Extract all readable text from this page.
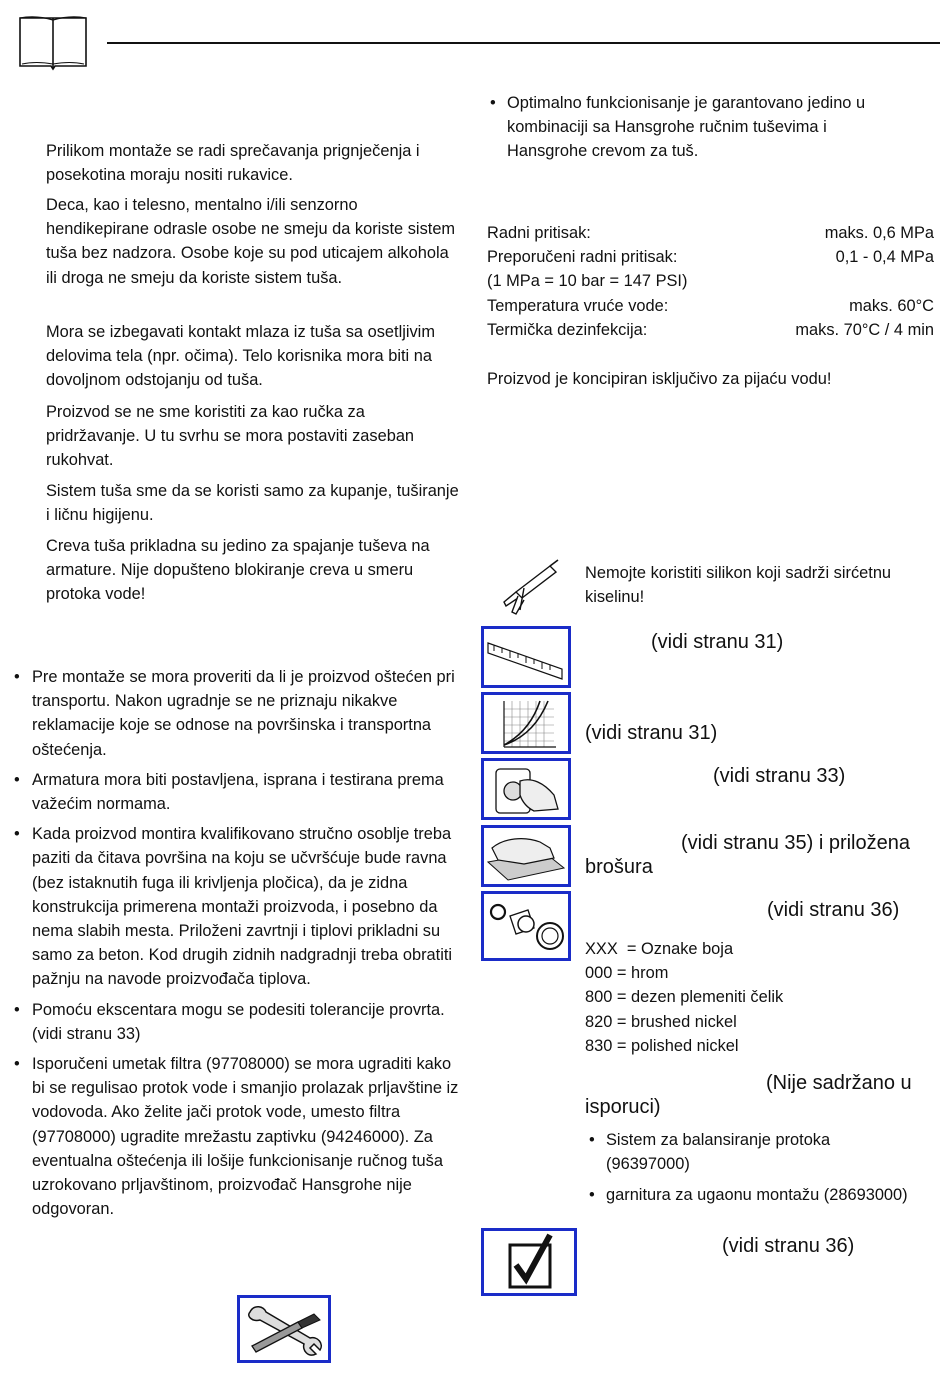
Prilikom montaže se radi sprečavanja prignječenja i posekotina moraju nositi rukavice.
Deca, kao i telesno, mentalno i/ili senzorno hendikepirane odrasle osobe ne smeju da koriste sistem tuša bez nadzora. Osobe koje su pod uticajem alkohola ili droga ne smeju da koriste sistem tuša.
Mora se izbegavati kontakt mlaza iz tuša sa osetljivim delovima tela (npr. očima). Telo korisnika mora biti na dovoljnom odstojanju od tuša.
Proizvod se ne sme koristiti za kao ručka za pridržavanje. U tu svrhu se mora postaviti zaseban rukohvat.
Sistem tuša sme da se koristi samo za kupanje, tuširanje i ličnu higijenu.
Creva tuša prikladna su jedino za spajanje tuševa na armature. Nije dopušteno blokiranje creva u smeru protoka vode!
• Pre montaže se mora proveriti da li je proizvod oštećen pri transportu. Nakon ugradnje se ne priznaju nikakve reklamacije koje se odnose na površinska i transportna oštećenja.
• Armatura mora biti postavljena, isprana i testirana prema važećim normama.
• Kada proizvod montira kvalifikovano stručno osoblje treba paziti da čitava površina na koju se učvršćuje bude ravna (bez istaknutih fuga ili krivljenja pločica), da je zidna konstrukcija primerena montaži proizvoda, i posebno da nema slabih mesta. Priloženi zavrtnji i tiplovi prikladni su samo za beton. Kod drugih zidnih nadgradnji treba obratiti pažnju na navode proizvođača tiplova.
• Pomoću ekscentara mogu se podesiti tolerancije provrta. (vidi stranu 33)
• Isporučeni umetak filtra (97708000) se mora ugraditi kako bi se regulisao protok vode i smanjio prolazak prljavštine iz vodovoda. Ako želite jači protok vode, umesto filtra (97708000) ugradite mrežastu zaptivku (94246000). Za eventualna oštećenja ili lošije funkcionisanje ručnog tuša uzrokovano prljavštinom, proizvođač Hansgrohe nije odgovoran.
• Optimalno funkcionisanje je garantovano jedino u kombinaciji sa Hansgrohe ručnim tuševima i Hansgrohe crevom za tuš.
Radni pritisak:	maks. 0,6 MPa
Preporučeni radni pritisak:	0,1 - 0,4 MPa
(1 MPa = 10 bar = 147 PSI)
Temperatura vruće vode:	maks. 60°C
Termička dezinfekcija:	maks. 70°C / 4 min
Proizvod je koncipiran isključivo za pijaću vodu!
Nemojte koristiti silikon koji sadrži sirćetnu kiselinu!
(vidi stranu 31)
(vidi stranu 31)
(vidi stranu 33)
(vidi stranu 35) i priložena brošura
(vidi stranu 36)
XXX  = Oznake boja
000 = hrom
800 = dezen plemeniti čelik
820 = brushed nickel
830 = polished nickel
(Nije sadržano u isporuci)
• Sistem za balansiranje protoka (96397000)
• garnitura za ugaonu montažu (28693000)
(vidi stranu 36)
